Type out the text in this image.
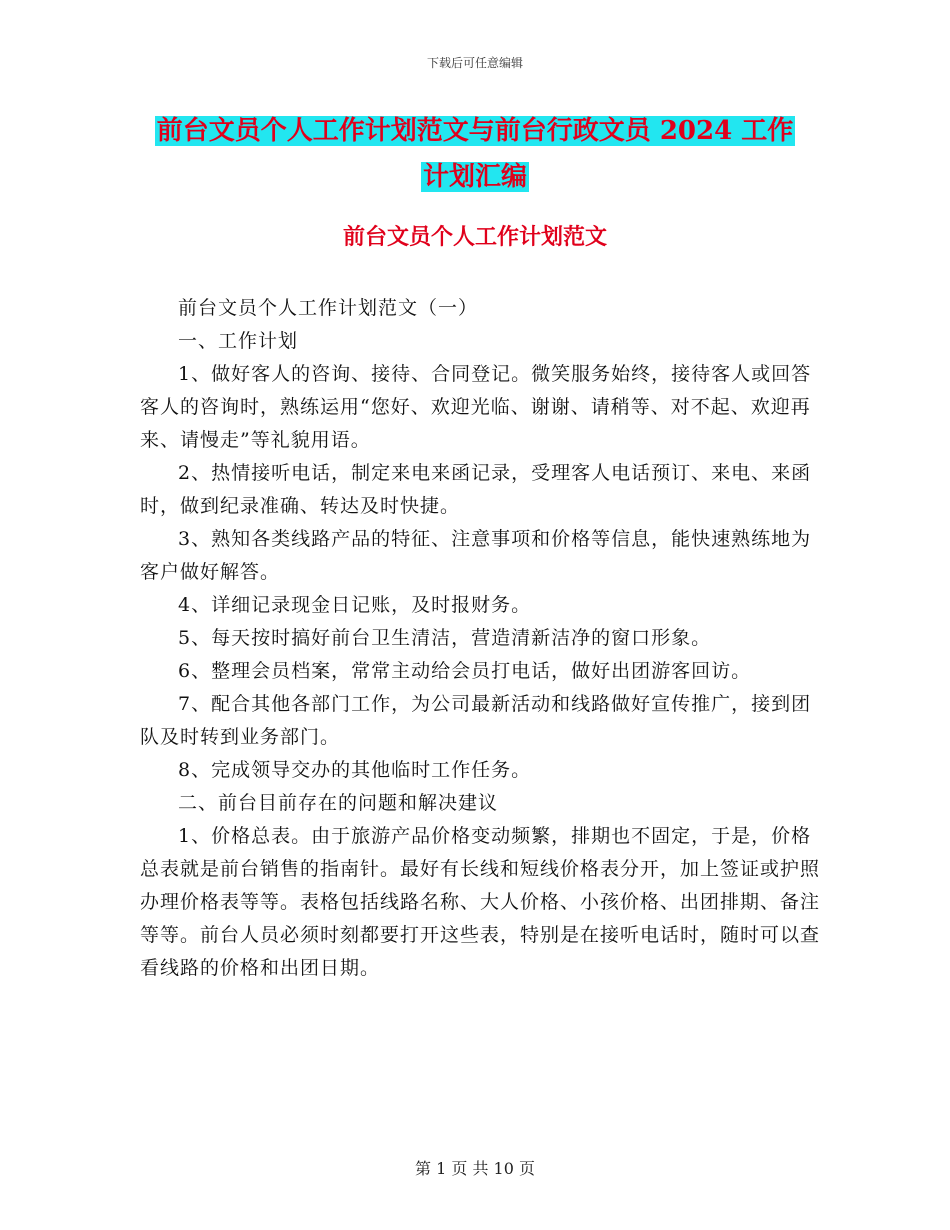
下载后可任意编辑
前台文员个人工作计划范文与前台行政文员 2024 工作
计划汇编
前台文员个人工作计划范文

前台文员个人工作计划范文（一）

一、工作计划

1、做好客人的咨询、接待、合同登记。微笑服务始终，接待客人或回答客人的咨询时，熟练运用“您好、欢迎光临、谢谢、请稍等、对不起、欢迎再来、请慢走”等礼貌用语。

2、热情接听电话，制定来电来函记录，受理客人电话预订、来电、来函时，做到纪录准确、转达及时快捷。

3、熟知各类线路产品的特征、注意事项和价格等信息，能快速熟练地为客户做好解答。

4、详细记录现金日记账，及时报财务。

5、每天按时搞好前台卫生清洁，营造清新洁净的窗口形象。

6、整理会员档案，常常主动给会员打电话，做好出团游客回访。

7、配合其他各部门工作，为公司最新活动和线路做好宣传推广，接到团队及时转到业务部门。

8、完成领导交办的其他临时工作任务。

二、前台目前存在的问题和解决建议

1、价格总表。由于旅游产品价格变动频繁，排期也不固定，于是，价格总表就是前台销售的指南针。最好有长线和短线价格表分开，加上签证或护照办理价格表等等。表格包括线路名称、大人价格、小孩价格、出团排期、备注等等。前台人员必须时刻都要打开这些表，特别是在接听电话时，随时可以查看线路的价格和出团日期。

第 1 页 共 10 页
